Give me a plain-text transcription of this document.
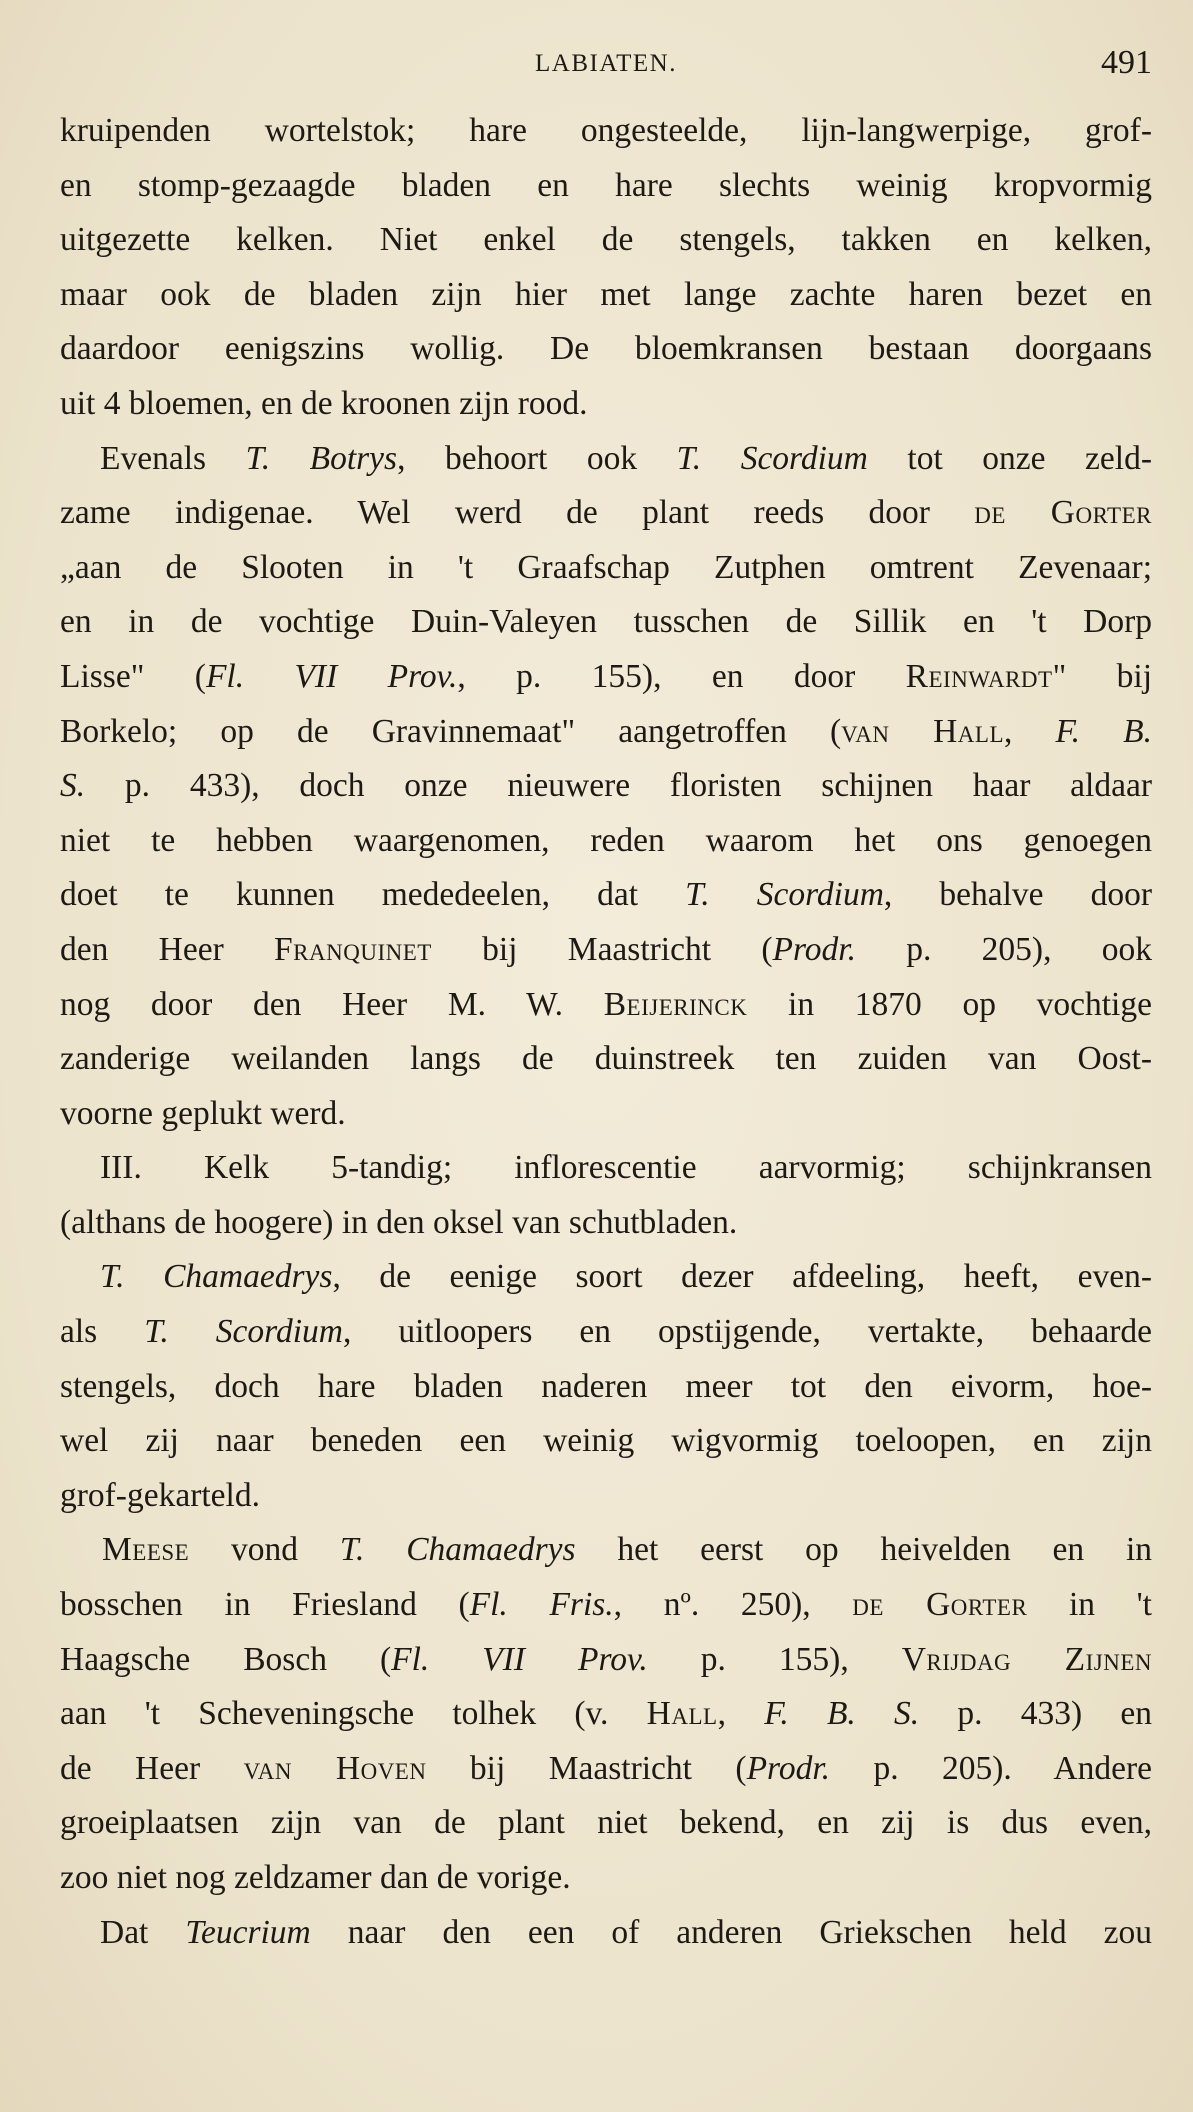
LABIATEN.	491
kruipenden wortelstok; hare ongesteelde, lijn-langwerpige, grof-
en stomp-gezaagde bladen en hare slechts weinig kropvormig
uitgezette kelken. Niet enkel de stengels, takken en kelken,
maar ook de bladen zijn hier met lange zachte haren bezet en
daardoor eenigszins wollig. De bloemkransen bestaan doorgaans
uit 4 bloemen, en de kroonen zijn rood.
Evenals T. Botrys, behoort ook T. Scordium tot onze zeld-
zame indigenae. Wel werd de plant reeds door de Gorter
„aan de Slooten in 't Graafschap Zutphen omtrent Zevenaar;
en in de vochtige Duin-Valeyen tusschen de Sillik en 't Dorp
Lisse" (Fl. VII Prov., p. 155), en door Reinwardt" bij
Borkelo; op de Gravinnemaat" aangetroffen (van Hall, F. B.
S. p. 433), doch onze nieuwere floristen schijnen haar aldaar
niet te hebben waargenomen, reden waarom het ons genoegen
doet te kunnen mededeelen, dat T. Scordium, behalve door
den Heer Franquinet bij Maastricht (Prodr. p. 205), ook
nog door den Heer M. W. Beijerinck in 1870 op vochtige
zanderige weilanden langs de duinstreek ten zuiden van Oost-
voorne geplukt werd.
III. Kelk 5-tandig; inflorescentie aarvormig; schijnkransen
(althans de hoogere) in den oksel van schutbladen.
T. Chamaedrys, de eenige soort dezer afdeeling, heeft, even-
als T. Scordium, uitloopers en opstijgende, vertakte, behaarde
stengels, doch hare bladen naderen meer tot den eivorm, hoe-
wel zij naar beneden een weinig wigvormig toeloopen, en zijn
grof-gekarteld.
Meese vond T. Chamaedrys het eerst op heivelden en in
bosschen in Friesland (Fl. Fris., nº. 250), de Gorter in 't
Haagsche Bosch (Fl. VII Prov. p. 155), Vrijdag Zijnen
aan 't Scheveningsche tolhek (v. Hall, F. B. S. p. 433) en
de Heer van Hoven bij Maastricht (Prodr. p. 205). Andere
groeiplaatsen zijn van de plant niet bekend, en zij is dus even,
zoo niet nog zeldzamer dan de vorige.
Dat Teucrium naar den een of anderen Griekschen held zou
